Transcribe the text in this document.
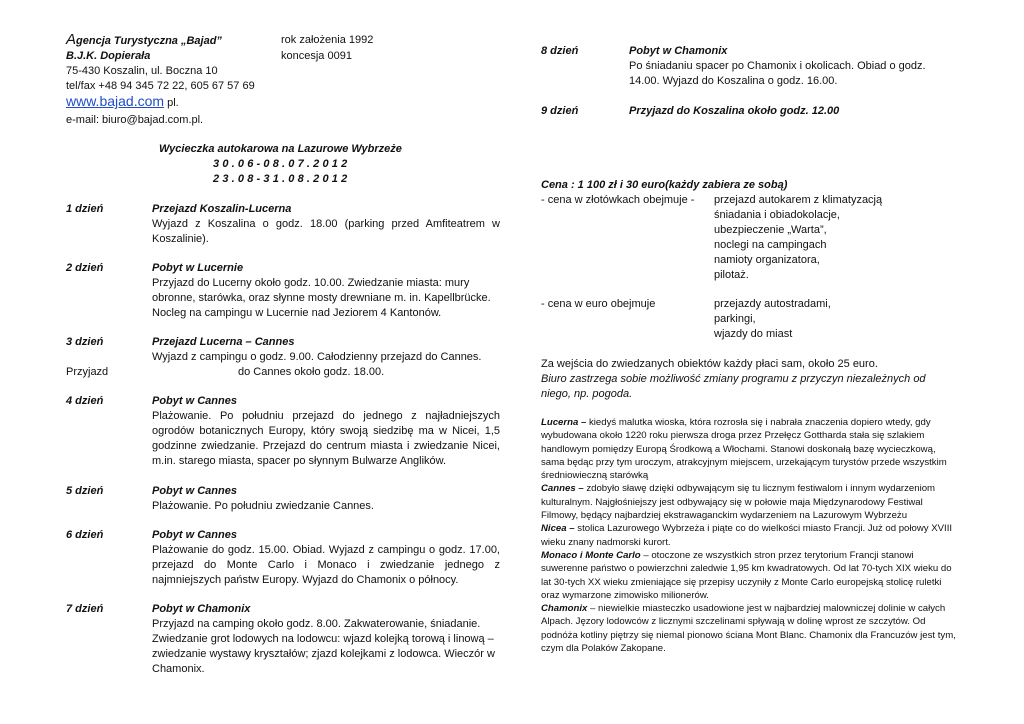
Agencja Turystyczna „Bajad”	rok założenia 1992
B.J.K. Dopierała	koncesja 0091
75-430 Koszalin, ul. Boczna 10
tel/fax +48 94 345 72 22, 605 67 57 69
www.bajad.com pl.
e-mail: biuro@bajad.com.pl.
Wycieczka autokarowa na Lazurowe Wybrzeże
30.06-08.07.2012
23.08-31.08.2012
1 dzień	Przejazd Koszalin-Lucerna
Wyjazd z Koszalina o godz. 18.00 (parking przed Amfiteatrem w Koszalinie).
2 dzień	Pobyt w Lucernie
Przyjazd do Lucerny około godz. 10.00. Zwiedzanie miasta: mury obronne, starówka, oraz słynne mosty drewniane m. in. Kapellbrücke. Nocleg na campingu w Lucernie nad Jeziorem 4 Kantonów.
3 dzień	Przejazd Lucerna – Cannes
Wyjazd z campingu o godz. 9.00. Całodzienny przejazd do Cannes.
Przyjazd	do Cannes około godz. 18.00.
4 dzień	Pobyt w Cannes
Plażowanie. Po południu przejazd do jednego z najładniejszych ogrodów botanicznych Europy, który swoją siedzibę ma w Nicei, 1,5 godzinne zwiedzanie. Przejazd do centrum miasta i zwiedzanie Nicei, m.in. starego miasta, spacer po słynnym Bulwarze Anglików.
5 dzień	Pobyt w Cannes
Plażowanie. Po południu zwiedzanie Cannes.
6 dzień	Pobyt w Cannes
Plażowanie do godz. 15.00. Obiad. Wyjazd z campingu o godz. 17.00, przejazd do Monte Carlo i Monaco i zwiedzanie jednego z najmniejszych państw Europy. Wyjazd do Chamonix o północy.
7 dzień	Pobyt w Chamonix
Przyjazd na camping około godz. 8.00. Zakwaterowanie, śniadanie. Zwiedzanie grot lodowych na lodowcu: wjazd kolejką torową i linową – zwiedzanie wystawy kryształów; zjazd kolejkami z lodowca. Wieczór w Chamonix.
8 dzień	Pobyt w Chamonix
Po śniadaniu spacer po Chamonix i okolicach. Obiad o godz. 14.00. Wyjazd do Koszalina o godz. 16.00.
9 dzień	Przyjazd do Koszalina około godz. 12.00
Cena : 1 100 zł i 30 euro(każdy zabiera ze sobą)
- cena w złotówkach obejmuje - przejazd autokarem z klimatyzacją
śniadania i obiadokolacje,
ubezpieczenie „Warta”,
noclegi na campingach
namioty organizatora,
pilotaż.
- cena w euro obejmuje	przejazdy autostradami,
parkingi,
wjazdy do miast
Za wejścia do zwiedzanych obiektów każdy płaci sam, około 25 euro.
Biuro zastrzega sobie możliwość zmiany programu z przyczyn niezależnych od niego, np. pogoda.
Lucerna – kiedyś malutka wioska, która rozrosła się i nabrała znaczenia dopiero wtedy, gdy wybudowana około 1220 roku pierwsza droga przez Przełęcz Gottharda stała się szlakiem handlowym pomiędzy Europą Środkową a Włochami. Stanowi doskonałą bazę wycieczkową, sama będąc przy tym uroczym, atrakcyjnym miejscem, urzekającym turystów przede wszystkim średniowieczną starówką
Cannes – zdobyło sławę dzięki odbywającym się tu licznym festiwalom i innym wydarzeniom kulturalnym. Najgłośniejszy jest odbywający się w połowie maja Międzynarodowy Festiwal Filmowy, będący najbardziej ekstrawaganckim wydarzeniem na Lazurowym Wybrzeżu
Nicea – stolica Lazurowego Wybrzeża i piąte co do wielkości miasto Francji. Już od połowy XVIII wieku znany nadmorski kurort.
Monaco i Monte Carlo – otoczone ze wszystkich stron przez terytorium Francji stanowi suwerenne państwo o powierzchni zaledwie 1,95 km kwadratowych. Od lat 70-tych XIX wieku do lat 30-tych XX wieku zmieniające się przepisy uczyniły z Monte Carlo europejską stolicę ruletki oraz wymarzone zimowisko milionerów.
Chamonix – niewielkie miasteczko usadowione jest w najbardziej malowniczej dolinie w całych Alpach. Jęzory lodowców z licznymi szczelinami spływają w dolinę wprost ze szczytów. Od podnóża kotliny piętrzy się niemal pionowo ściana Mont Blanc. Chamonix dla Francuzów jest tym, czym dla Polaków Zakopane.
